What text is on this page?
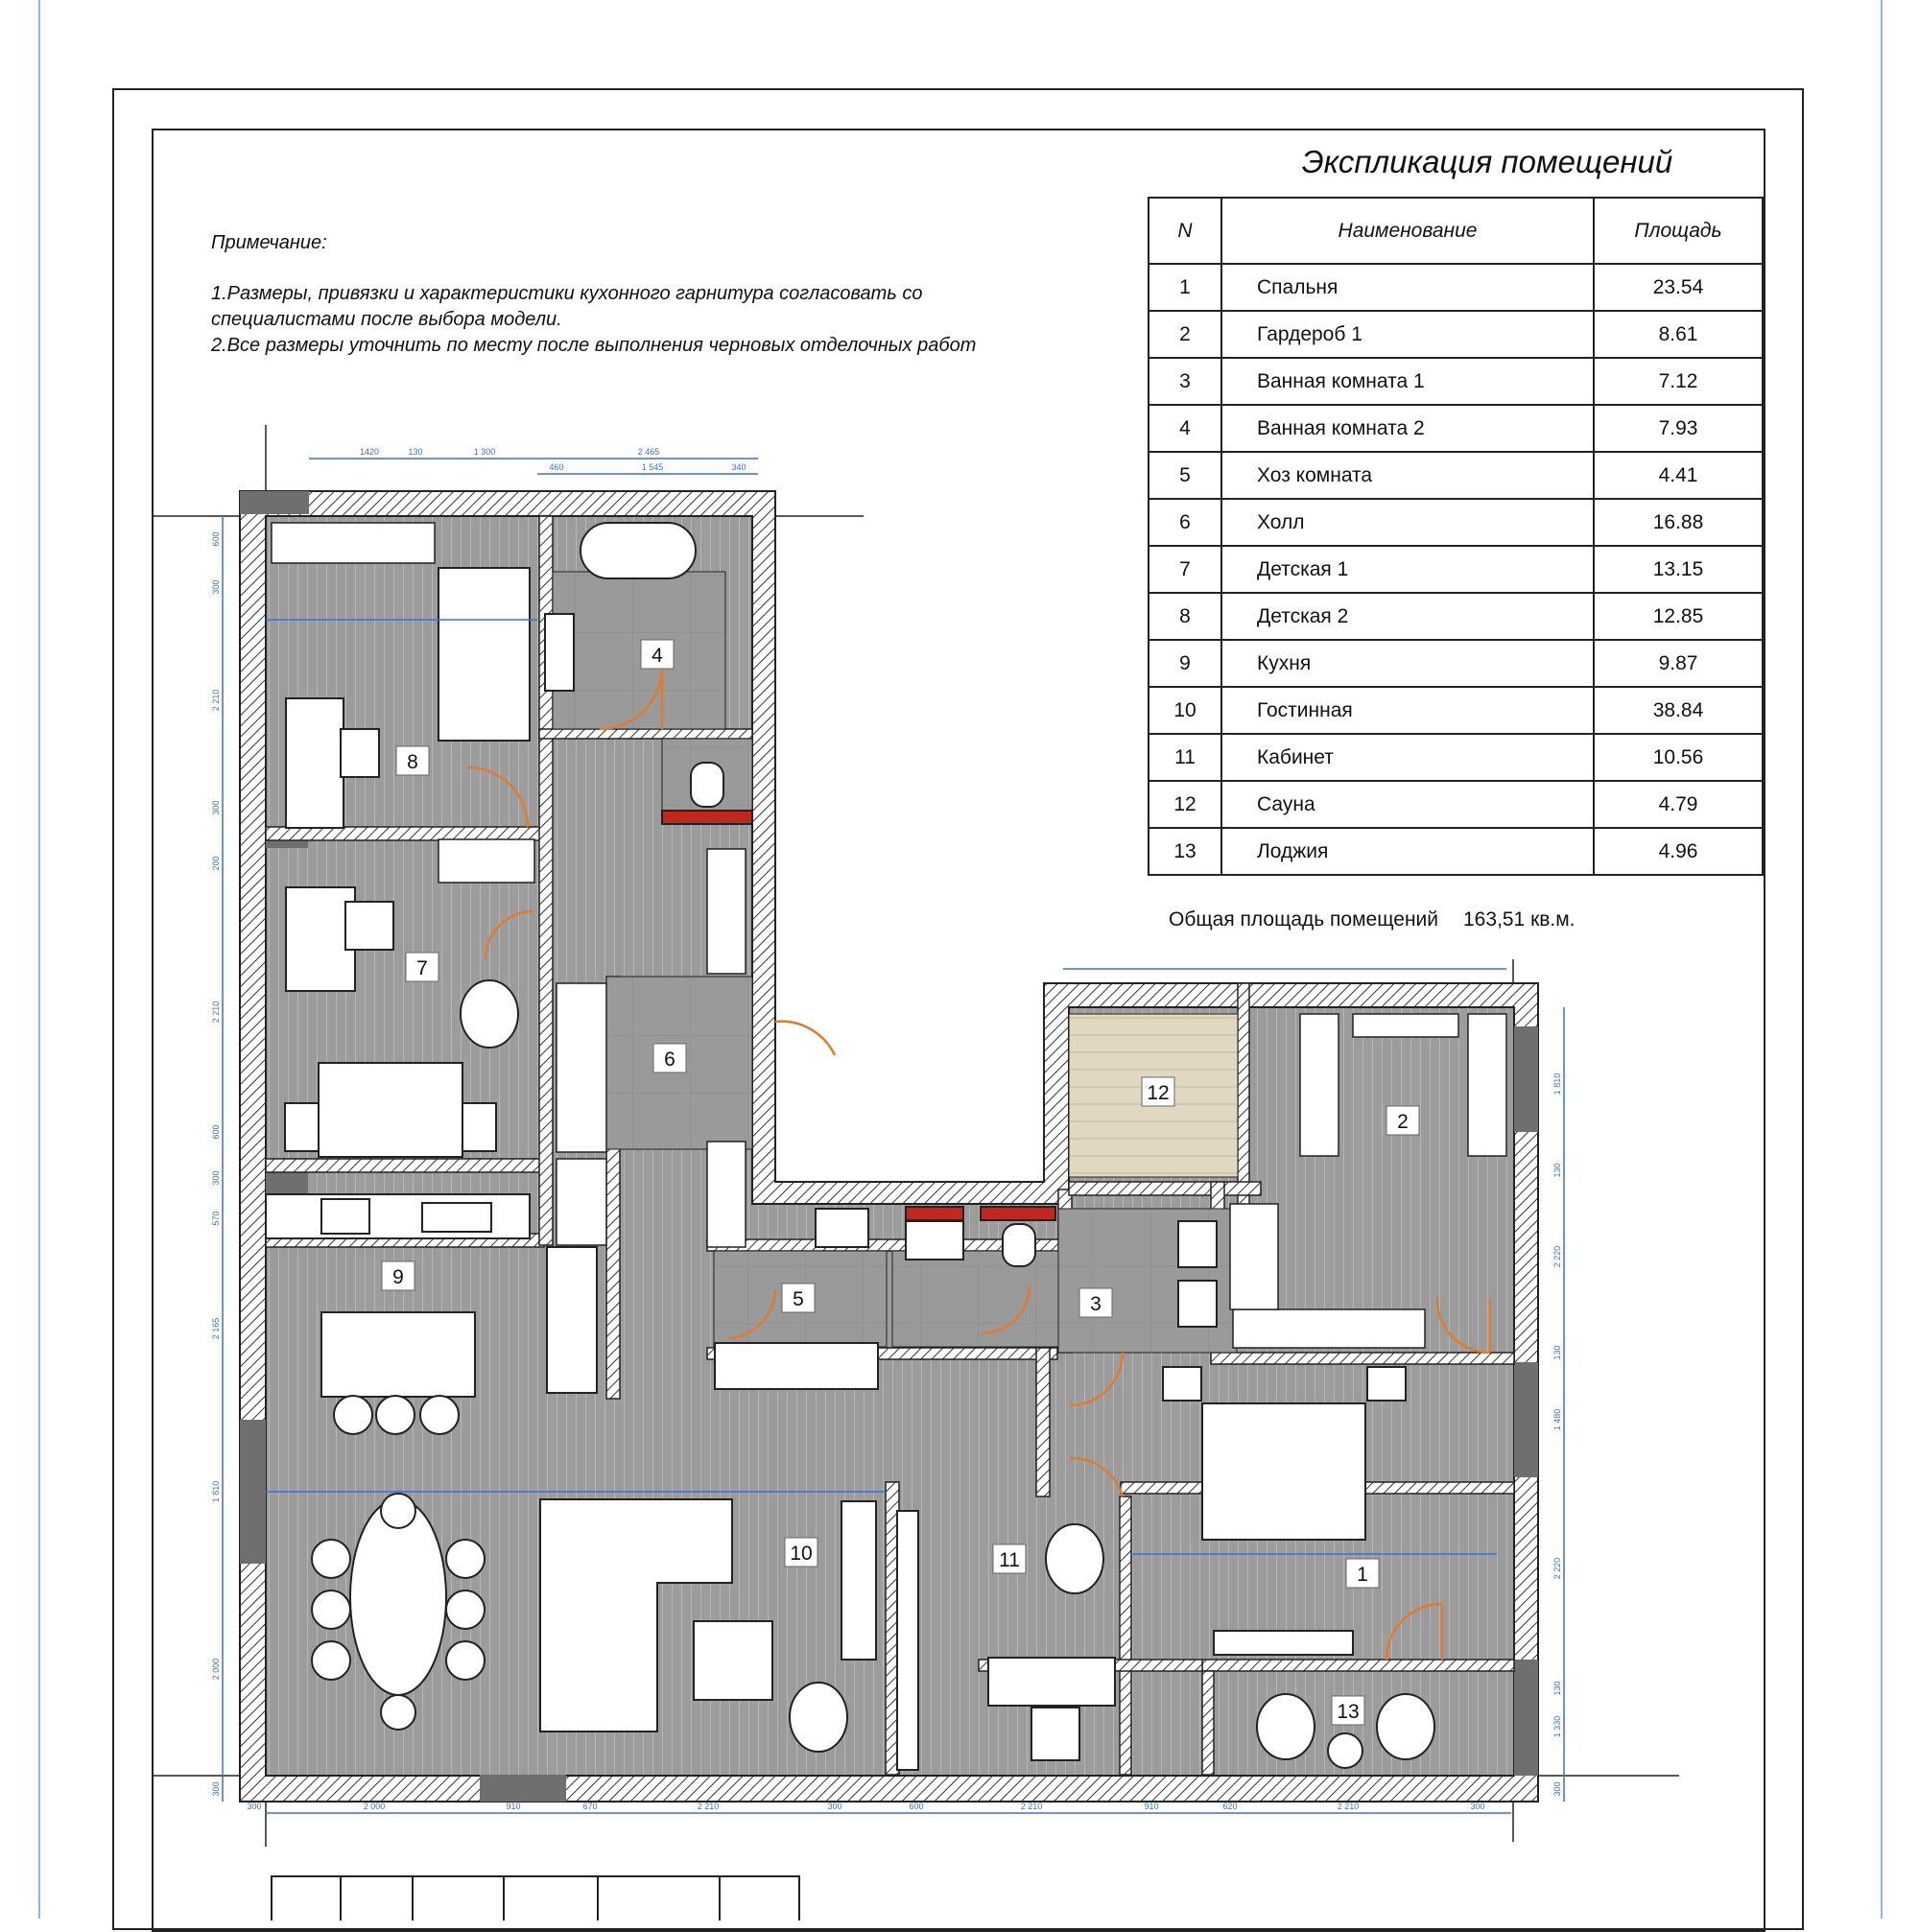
Экспликация помещений
Примечание:
1.Размеры, привязки и характеристики кухонного гарнитура согласовать со
специалистами после выбора модели.
2.Все размеры уточнить по месту после выполнения черновых отделочных работ
N	Наименование	Площадь
1	Спальня	23.54
2	Гардероб 1	8.61
3	Ванная комната 1	7.12
4	Ванная комната 2	7.93
5	Хоз комната	4.41
6	Холл	16.88
7	Детская 1	13.15
8	Детская 2	12.85
9	Кухня	9.87
10	Гостинная	38.84
11	Кабинет	10.56
12	Сауна	4.79
13	Лоджия	4.96
Общая площадь помещений 163,51 кв.м.
1420	130	1 300	2 465
460	1 545	340
300	2 000	910	670	2 210	300	600	2 210	910	620	2 210	300
600
300
2 210
300
200
2 210
600
300
570
2 165
1 810
2 000
300
1 810
130
2 220
130
1 480
2 220
130
1 330
300
1
2
3
4
5
6
7
8
9
10	11
12
13
